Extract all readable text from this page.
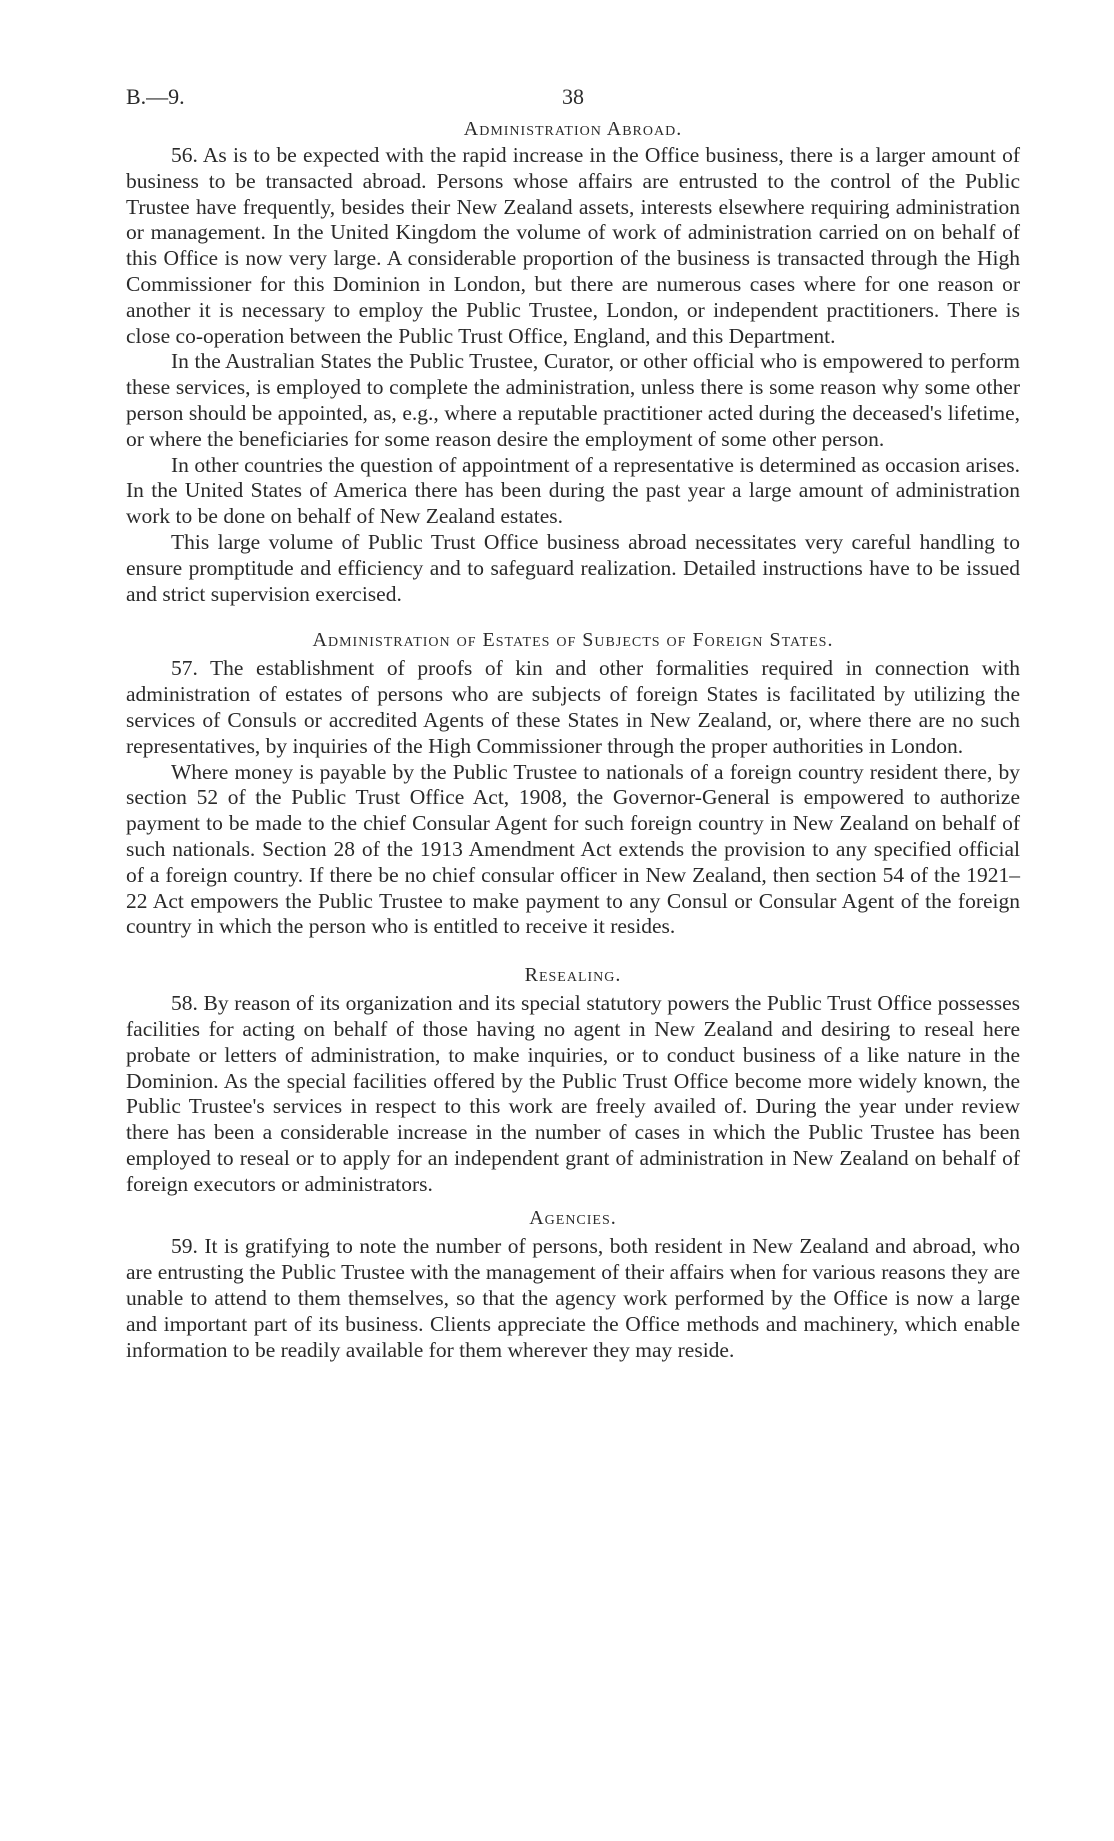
B.—9.	38
Administration Abroad.

56. As is to be expected with the rapid increase in the Office business, there is a larger amount of business to be transacted abroad. Persons whose affairs are entrusted to the control of the Public Trustee have frequently, besides their New Zealand assets, interests elsewhere requiring administration or management. In the United Kingdom the volume of work of administration carried on on behalf of this Office is now very large. A considerable proportion of the business is transacted through the High Commissioner for this Dominion in London, but there are numerous cases where for one reason or another it is necessary to employ the Public Trustee, London, or independent practitioners. There is close co-operation between the Public Trust Office, England, and this Department.

In the Australian States the Public Trustee, Curator, or other official who is empowered to perform these services, is employed to complete the administration, unless there is some reason why some other person should be appointed, as, e.g., where a reputable practitioner acted during the deceased's lifetime, or where the beneficiaries for some reason desire the employment of some other person.

In other countries the question of appointment of a representative is determined as occasion arises. In the United States of America there has been during the past year a large amount of administration work to be done on behalf of New Zealand estates.

This large volume of Public Trust Office business abroad necessitates very careful handling to ensure promptitude and efficiency and to safeguard realization. Detailed instructions have to be issued and strict supervision exercised.

Administration of Estates of Subjects of Foreign States.

57. The establishment of proofs of kin and other formalities required in connection with administration of estates of persons who are subjects of foreign States is facilitated by utilizing the services of Consuls or accredited Agents of these States in New Zealand, or, where there are no such representatives, by inquiries of the High Commissioner through the proper authorities in London.

Where money is payable by the Public Trustee to nationals of a foreign country resident there, by section 52 of the Public Trust Office Act, 1908, the Governor-General is empowered to authorize payment to be made to the chief Consular Agent for such foreign country in New Zealand on behalf of such nationals. Section 28 of the 1913 Amendment Act extends the provision to any specified official of a foreign country. If there be no chief consular officer in New Zealand, then section 54 of the 1921–22 Act empowers the Public Trustee to make payment to any Consul or Consular Agent of the foreign country in which the person who is entitled to receive it resides.

Resealing.

58. By reason of its organization and its special statutory powers the Public Trust Office possesses facilities for acting on behalf of those having no agent in New Zealand and desiring to reseal here probate or letters of administration, to make inquiries, or to conduct business of a like nature in the Dominion. As the special facilities offered by the Public Trust Office become more widely known, the Public Trustee's services in respect to this work are freely availed of. During the year under review there has been a considerable increase in the number of cases in which the Public Trustee has been employed to reseal or to apply for an independent grant of administration in New Zealand on behalf of foreign executors or administrators.

Agencies.

59. It is gratifying to note the number of persons, both resident in New Zealand and abroad, who are entrusting the Public Trustee with the management of their affairs when for various reasons they are unable to attend to them themselves, so that the agency work performed by the Office is now a large and important part of its business. Clients appreciate the Office methods and machinery, which enable information to be readily available for them wherever they may reside.
